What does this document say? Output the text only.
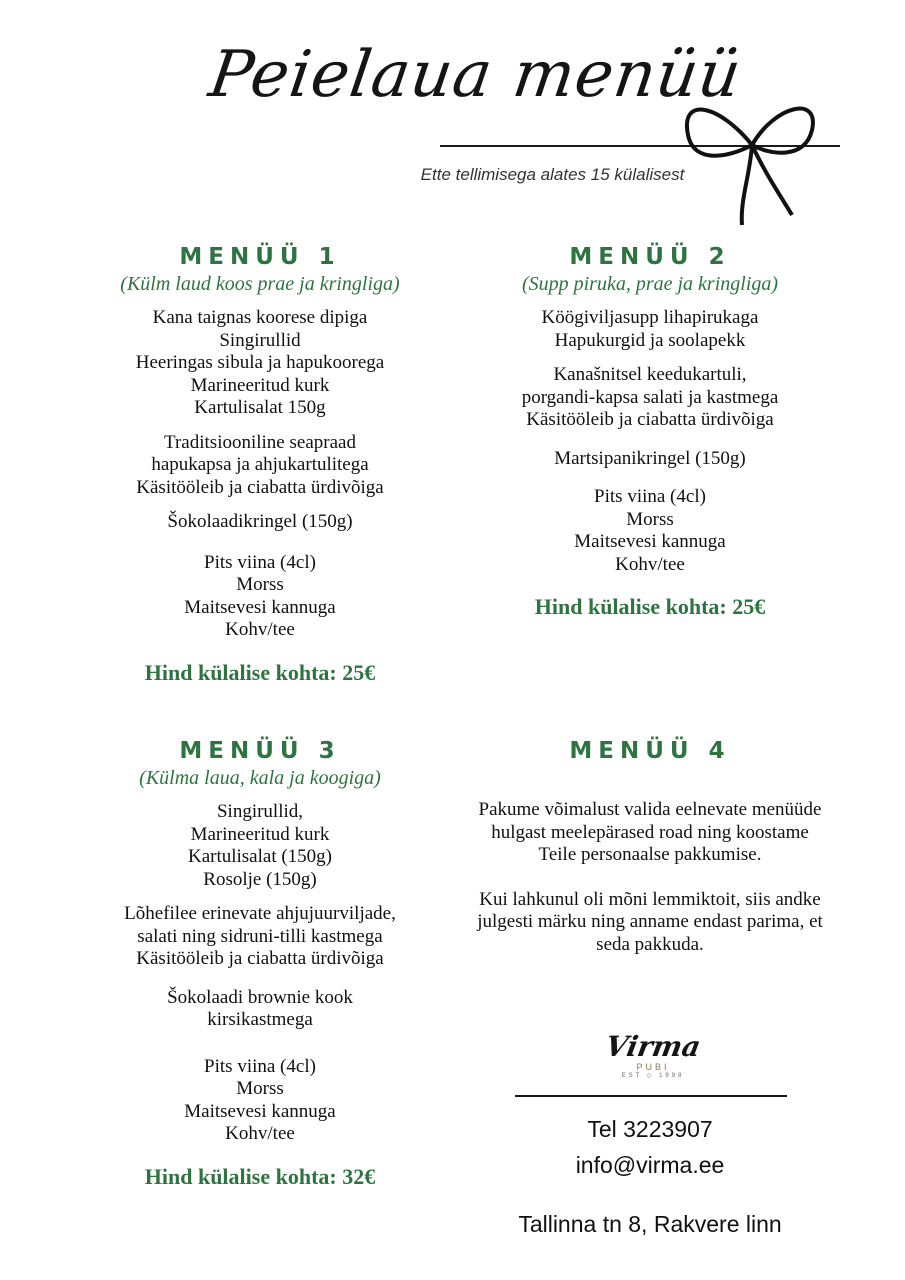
Peielaua menüü
Ette tellimisega alates 15 külalisest
MENÜÜ 1
(Külm laud koos prae ja kringliga)
Kana taignas koorese dipiga
Singirullid
Heeringas sibula ja hapukoorega
Marineeritud kurk
Kartulisalat 150g
Traditsiooniline seapraad
hapukapsa ja ahjukartulitega
Käsitööleib ja ciabatta ürdivõiga
Šokolaadikringel (150g)
Pits viina (4cl)
Morss
Maitsevesi kannuga
Kohv/tee
Hind külalise kohta: 25€
MENÜÜ 2
(Supp piruka, prae ja kringliga)
Köögiviljasupp lihapirukaga
Hapukurgid ja soolapekk
Kanašnitsel keedukartuli,
porgandi-kapsa salati ja kastmega
Käsitööleib ja ciabatta ürdivõiga
Martsipanikringel (150g)
Pits viina (4cl)
Morss
Maitsevesi kannuga
Kohv/tee
Hind külalise kohta: 25€
MENÜÜ 3
(Külma laua, kala ja koogiga)
Singirullid,
Marineeritud kurk
Kartulisalat (150g)
Rosolje (150g)
Lõhefilee erinevate ahjujuurviljade,
salati ning sidruni-tilli kastmega
Käsitööleib ja ciabatta ürdivõiga
Šokolaadi brownie kook
kirsikastmega
Pits viina (4cl)
Morss
Maitsevesi kannuga
Kohv/tee
Hind külalise kohta: 32€
MENÜÜ 4
Pakume võimalust valida eelnevate menüüde hulgast meelepärased road ning koostame Teile personaalse pakkumise.
Kui lahkunul oli mõni lemmiktoit, siis andke julgesti märku ning anname endast parima, et seda pakkuda.
Virma
PUBI
EST ◇ 1998
Tel 3223907
info@virma.ee
Tallinna tn 8, Rakvere linn
